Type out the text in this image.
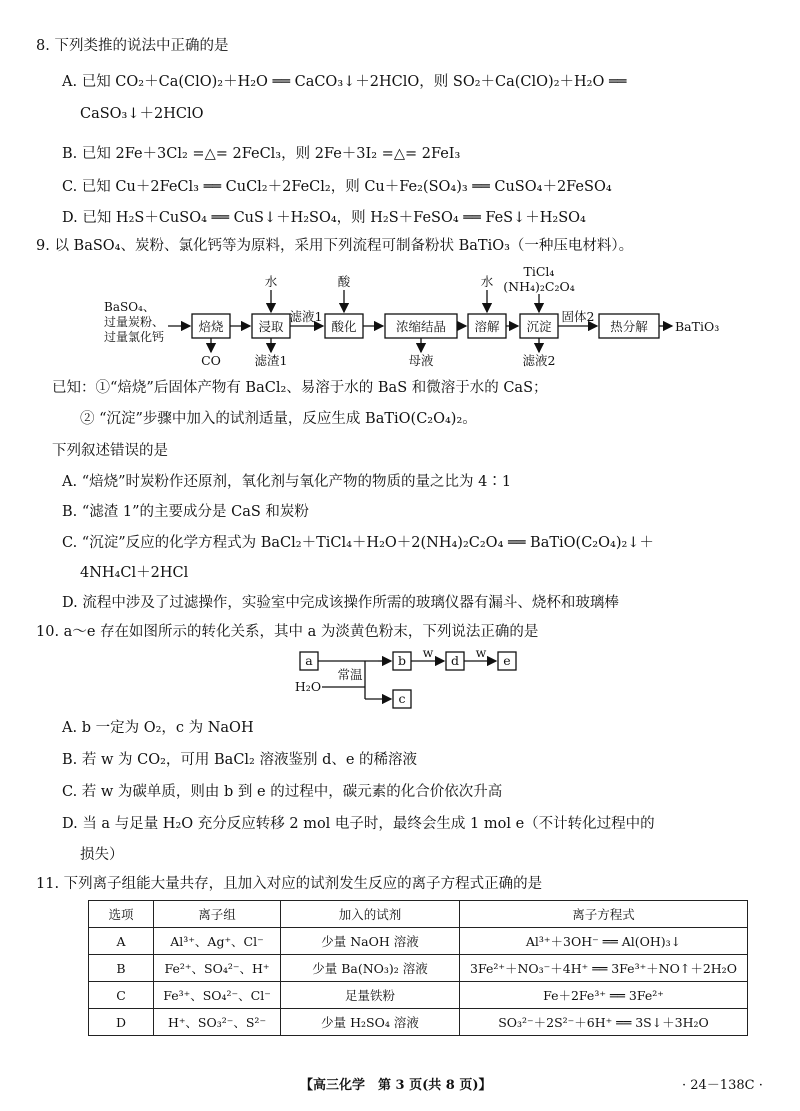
8. 下列类推的说法中正确的是
A. 已知 CO₂＋Ca(ClO)₂＋H₂O ══ CaCO₃↓＋2HClO，则 SO₂＋Ca(ClO)₂＋H₂O ══
CaSO₃↓＋2HClO
B. 已知 2Fe＋3Cl₂ =△= 2FeCl₃，则 2Fe＋3I₂ =△= 2FeI₃
C. 已知 Cu＋2FeCl₃ ══ CuCl₂＋2FeCl₂，则 Cu＋Fe₂(SO₄)₃ ══ CuSO₄＋2FeSO₄
D. 已知 H₂S＋CuSO₄ ══ CuS↓＋H₂SO₄，则 H₂S＋FeSO₄ ══ FeS↓＋H₂SO₄
9. 以 BaSO₄、炭粉、氯化钙等为原料，采用下列流程可制备粉状 BaTiO₃（一种压电材料）。
BaSO₄、
过量炭粉、
过量氯化钙
焙烧	浸取	酸化	浓缩结晶 溶解 沉淀	热分解
水	酸	水
TiCl₄
(NH₄)₂C₂O₄
滤液1	固体2
CO	滤渣1	母液	滤液2
BaTiO₃
已知：①“焙烧”后固体产物有 BaCl₂、易溶于水的 BaS 和微溶于水的 CaS；
② “沉淀”步骤中加入的试剂适量，反应生成 BaTiO(C₂O₄)₂。
下列叙述错误的是
A. “焙烧”时炭粉作还原剂，氧化剂与氧化产物的物质的量之比为 4∶1
B. “滤渣 1”的主要成分是 CaS 和炭粉
C. “沉淀”反应的化学方程式为 BaCl₂＋TiCl₄＋H₂O＋2(NH₄)₂C₂O₄ ══ BaTiO(C₂O₄)₂↓＋
4NH₄Cl＋2HCl
D. 流程中涉及了过滤操作，实验室中完成该操作所需的玻璃仪器有漏斗、烧杯和玻璃棒
10. a～e 存在如图所示的转化关系，其中 a 为淡黄色粉末，下列说法正确的是
a	b	d	e
c
常温
H₂O
w	w
A. b 一定为 O₂，c 为 NaOH
B. 若 w 为 CO₂，可用 BaCl₂ 溶液鉴别 d、e 的稀溶液
C. 若 w 为碳单质，则由 b 到 e 的过程中，碳元素的化合价依次升高
D. 当 a 与足量 H₂O 充分反应转移 2 mol 电子时，最终会生成 1 mol e（不计转化过程中的
损失）
11. 下列离子组能大量共存，且加入对应的试剂发生反应的离子方程式正确的是
选项	离子组	加入的试剂	离子方程式
A	Al³⁺、Ag⁺、Cl⁻	少量 NaOH 溶液	Al³⁺＋3OH⁻ ══ Al(OH)₃↓
B	Fe²⁺、SO₄²⁻、H⁺	少量 Ba(NO₃)₂ 溶液	3Fe²⁺＋NO₃⁻＋4H⁺ ══ 3Fe³⁺＋NO↑＋2H₂O
C	Fe³⁺、SO₄²⁻、Cl⁻	足量铁粉	Fe＋2Fe³⁺ ══ 3Fe²⁺
D	H⁺、SO₃²⁻、S²⁻	少量 H₂SO₄ 溶液	SO₃²⁻＋2S²⁻＋6H⁺ ══ 3S↓＋3H₂O
【高三化学　第 3 页(共 8 页)】	· 24－138C ·
